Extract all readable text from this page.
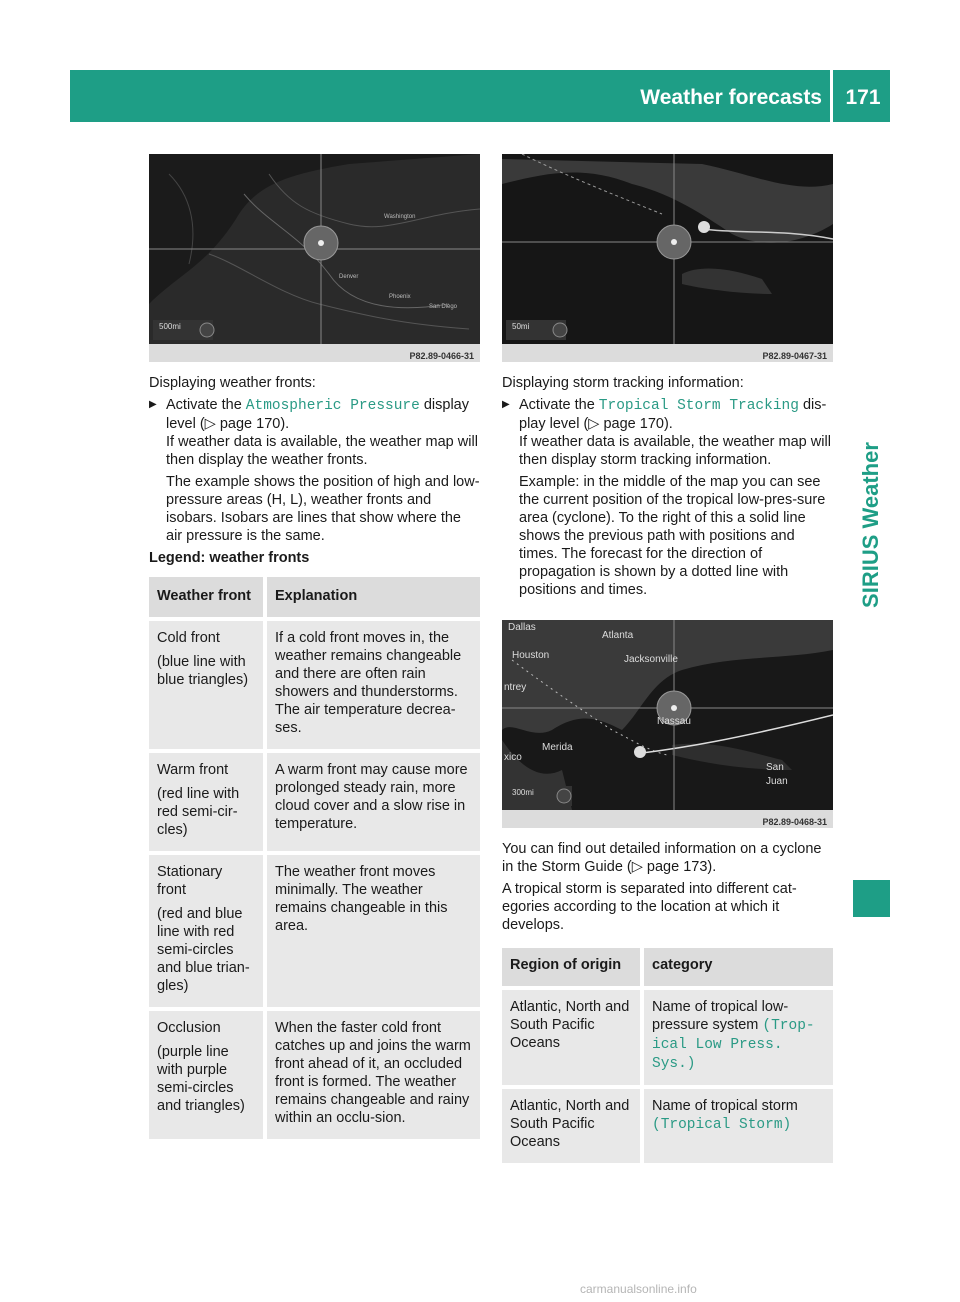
Weather forecasts	171
SIRIUS Weather
500mi
Washington
Denver
Phoenix
San Diego
P82.89-0466-31
50mi
P82.89-0467-31
Dallas
Atlanta
Houston	Jacksonville
ntrey
Nassau
Merida
xico
San
Juan
300mi
P82.89-0468-31

Displaying weather fronts:

▶ Activate the Atmospheric Pressure display level (▷ page 170).

If weather data is available, the weather map will then display the weather fronts.

The example shows the position of high and low-pressure areas (H, L), weather fronts and isobars. Isobars are lines that show where the air pressure is the same.

Legend: weather fronts

Weather front	Explanation

Cold front

(blue line with blue triangles)	If a cold front moves in, the weather remains changeable and there are often rain showers and thunderstorms. The air temperature decrea-ses.

Warm front

(red line with red semi-cir-cles)	A warm front may cause more prolonged steady rain, more cloud cover and a slow rise in temperature.

Stationary front

(red and blue line with red semi-circles and blue trian-gles)	The weather front moves minimally. The weather remains changeable in this area.

Occlusion

(purple line with purple semi-circles and triangles)	When the faster cold front catches up and joins the warm front ahead of it, an occluded front is formed. The weather remains changeable and rainy within an occlu-sion.

Displaying storm tracking information:

▶ Activate the Tropical Storm Tracking dis-play level (▷ page 170).

If weather data is available, the weather map will then display storm tracking information.

Example: in the middle of the map you can see the current position of the tropical low-pres-sure area (cyclone). To the right of this a solid line shows the previous path with positions and times. The forecast for the direction of propagation is shown by a dotted line with positions and times.

You can find out detailed information on a cyclone in the Storm Guide (▷ page 173).

A tropical storm is separated into different cat-egories according to the location at which it develops.

Region of origin	category
Atlantic, North and South Pacific Oceans	Name of tropical low-pressure system (Trop‐ical Low Press. Sys.)
Atlantic, North and South Pacific Oceans	Name of tropical storm (Tropical Storm)
carmanualsonline.info
